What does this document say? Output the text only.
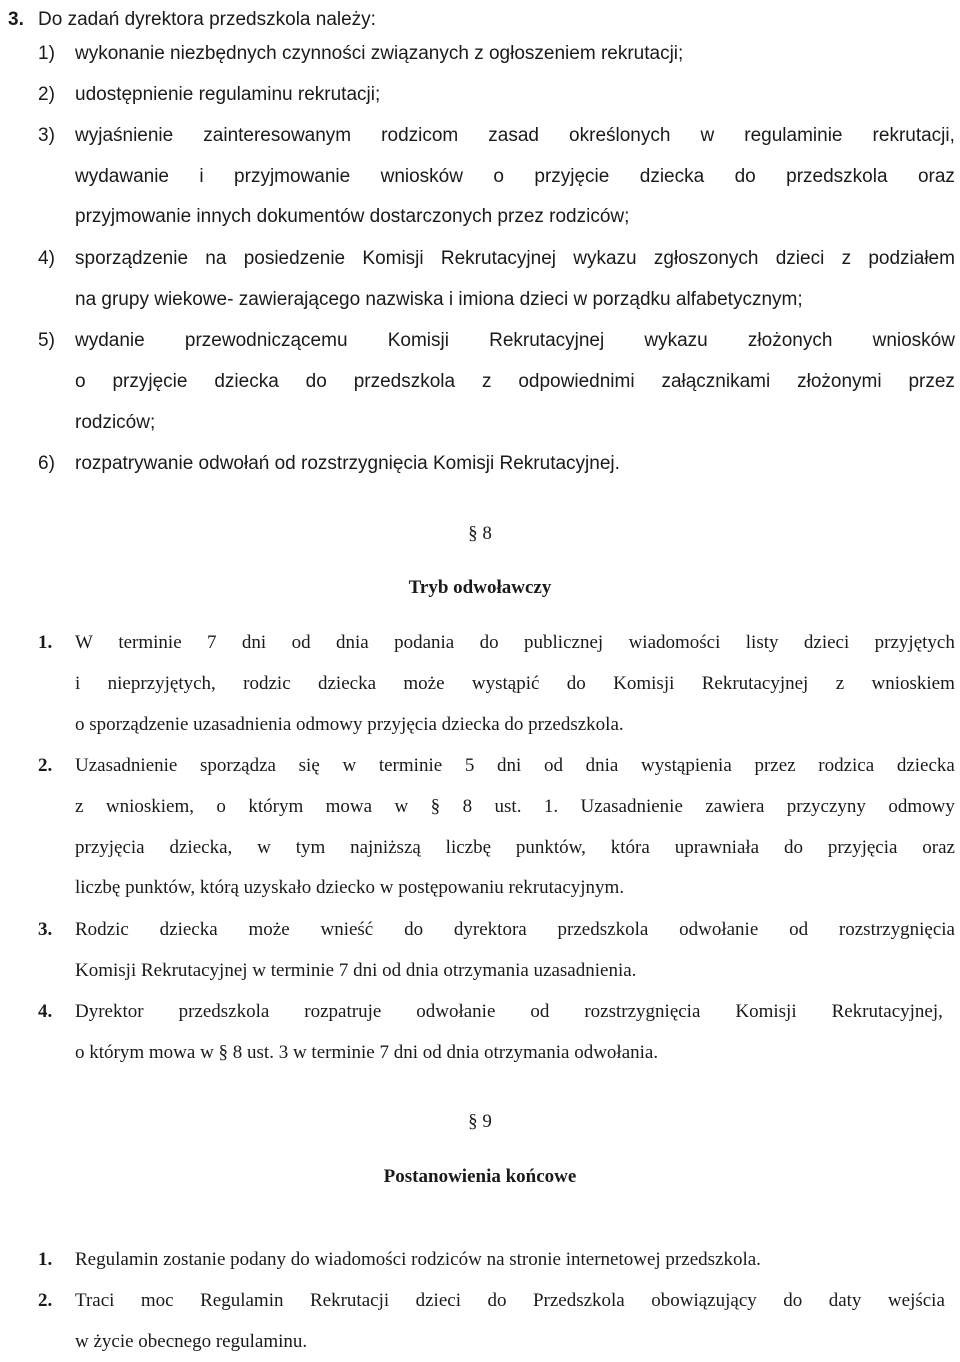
3. Do zadań dyrektora przedszkola należy:
1) wykonanie niezbędnych czynności związanych z ogłoszeniem rekrutacji;
2) udostępnienie regulaminu rekrutacji;
3) wyjaśnienie zainteresowanym rodzicom zasad określonych w regulaminie rekrutacji,
wydawanie i przyjmowanie wniosków o przyjęcie dziecka do przedszkola oraz
przyjmowanie innych dokumentów dostarczonych przez rodziców;
4) sporządzenie na posiedzenie Komisji Rekrutacyjnej wykazu zgłoszonych dzieci z podziałem
na grupy wiekowe- zawierającego nazwiska i imiona dzieci w porządku alfabetycznym;
5) wydanie przewodniczącemu Komisji Rekrutacyjnej wykazu złożonych wniosków
o przyjęcie dziecka do przedszkola z odpowiednimi załącznikami złożonymi przez
rodziców;
6) rozpatrywanie odwołań od rozstrzygnięcia Komisji Rekrutacyjnej.
§ 8
Tryb odwoławczy
1. W terminie 7 dni od dnia podania do publicznej wiadomości listy dzieci przyjętych
i nieprzyjętych, rodzic dziecka może wystąpić do Komisji Rekrutacyjnej z wnioskiem
o sporządzenie uzasadnienia odmowy przyjęcia dziecka do przedszkola.
2. Uzasadnienie sporządza się w terminie 5 dni od dnia wystąpienia przez rodzica dziecka
z wnioskiem, o którym mowa w § 8 ust. 1. Uzasadnienie zawiera przyczyny odmowy
przyjęcia dziecka, w tym najniższą liczbę punktów, która uprawniała do przyjęcia oraz
liczbę punktów, którą uzyskało dziecko w postępowaniu rekrutacyjnym.
3. Rodzic dziecka może wnieść do dyrektora przedszkola odwołanie od rozstrzygnięcia
Komisji Rekrutacyjnej w terminie 7 dni od dnia otrzymania uzasadnienia.
4. Dyrektor przedszkola rozpatruje odwołanie od rozstrzygnięcia Komisji Rekrutacyjnej,
o którym mowa w § 8 ust. 3 w terminie 7 dni od dnia otrzymania odwołania.
§ 9
Postanowienia końcowe
1. Regulamin zostanie podany do wiadomości rodziców na stronie internetowej przedszkola.
2. Traci moc Regulamin Rekrutacji dzieci do Przedszkola obowiązujący do daty wejścia
w życie obecnego regulaminu.
